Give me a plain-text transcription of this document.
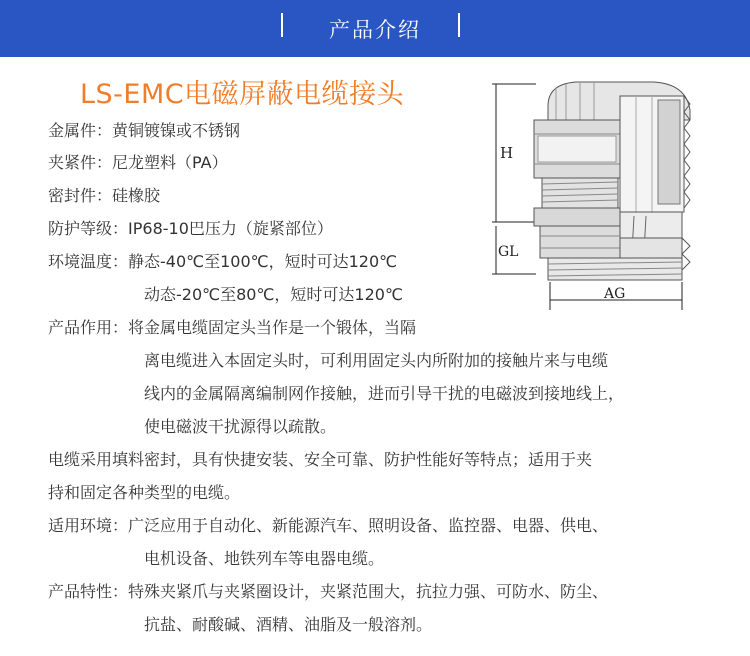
产品介绍
LS-EMC电磁屏蔽电缆接头
金属件：黄铜镀镍或不锈钢
夹紧件：尼龙塑料（PA）
密封件：硅橡胶
防护等级：IP68-10巴压力（旋紧部位）
环境温度：静态-40℃至100℃，短时可达120℃
动态-20℃至80℃，短时可达120℃
产品作用：将金属电缆固定头当作是一个锻体，当隔
离电缆进入本固定头时，可利用固定头内所附加的接触片来与电缆
线内的金属隔离编制网作接触，进而引导干扰的电磁波到接地线上，
使电磁波干扰源得以疏散。
电缆采用填料密封，具有快捷安装、安全可靠、防护性能好等特点；适用于夹
持和固定各种类型的电缆。
适用环境：广泛应用于自动化、新能源汽车、照明设备、监控器、电器、供电、
电机设备、地铁列车等电器电缆。
产品特性：特殊夹紧爪与夹紧圈设计，夹紧范围大，抗拉力强、可防水、防尘、
抗盐、耐酸碱、酒精、油脂及一般溶剂。
H
GL
AG
